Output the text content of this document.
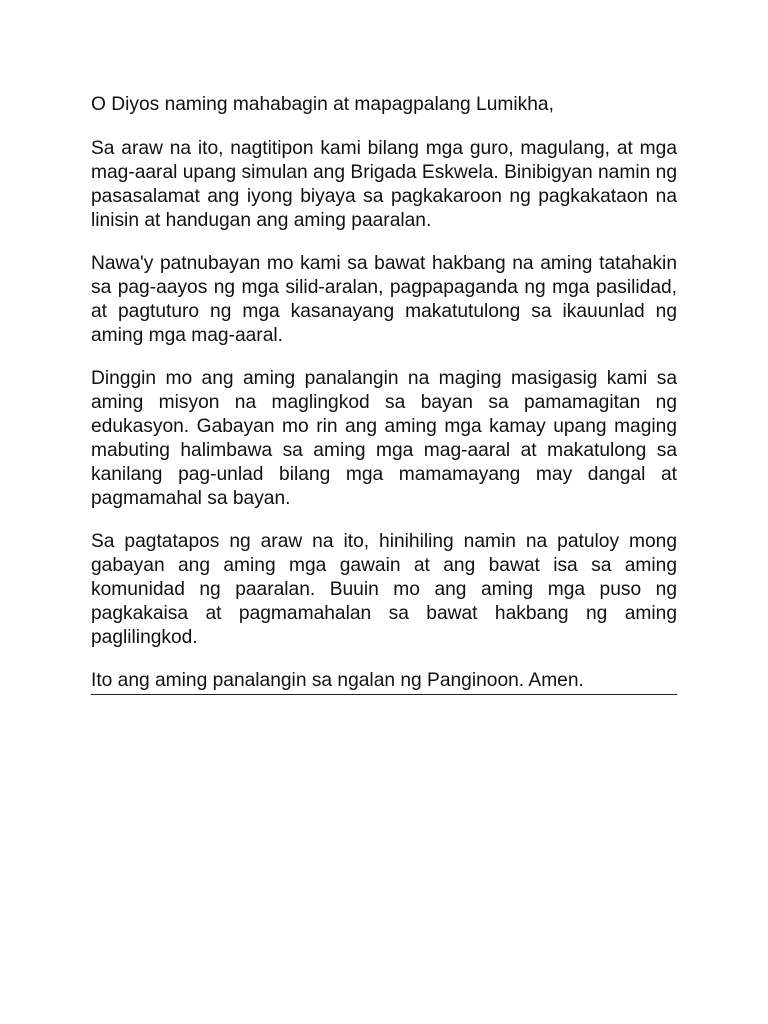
O Diyos naming mahabagin at mapagpalang Lumikha,

Sa araw na ito, nagtitipon kami bilang mga guro, magulang, at mga mag-aaral upang simulan ang Brigada Eskwela. Binibigyan namin ng pasasalamat ang iyong biyaya sa pagkakaroon ng pagkakataon na linisin at handugan ang aming paaralan.

Nawa'y patnubayan mo kami sa bawat hakbang na aming tatahakin sa pag-aayos ng mga silid-aralan, pagpapaganda ng mga pasilidad, at pagtuturo ng mga kasanayang makatutulong sa ikauunlad ng aming mga mag-aaral.

Dinggin mo ang aming panalangin na maging masigasig kami sa aming misyon na maglingkod sa bayan sa pamamagitan ng edukasyon. Gabayan mo rin ang aming mga kamay upang maging mabuting halimbawa sa aming mga mag-aaral at makatulong sa kanilang pag-unlad bilang mga mamamayang may dangal at pagmamahal sa bayan.

Sa pagtatapos ng araw na ito, hinihiling namin na patuloy mong gabayan ang aming mga gawain at ang bawat isa sa aming komunidad ng paaralan. Buuin mo ang aming mga puso ng pagkakaisa at pagmamahalan sa bawat hakbang ng aming paglilingkod.

Ito ang aming panalangin sa ngalan ng Panginoon. Amen.
